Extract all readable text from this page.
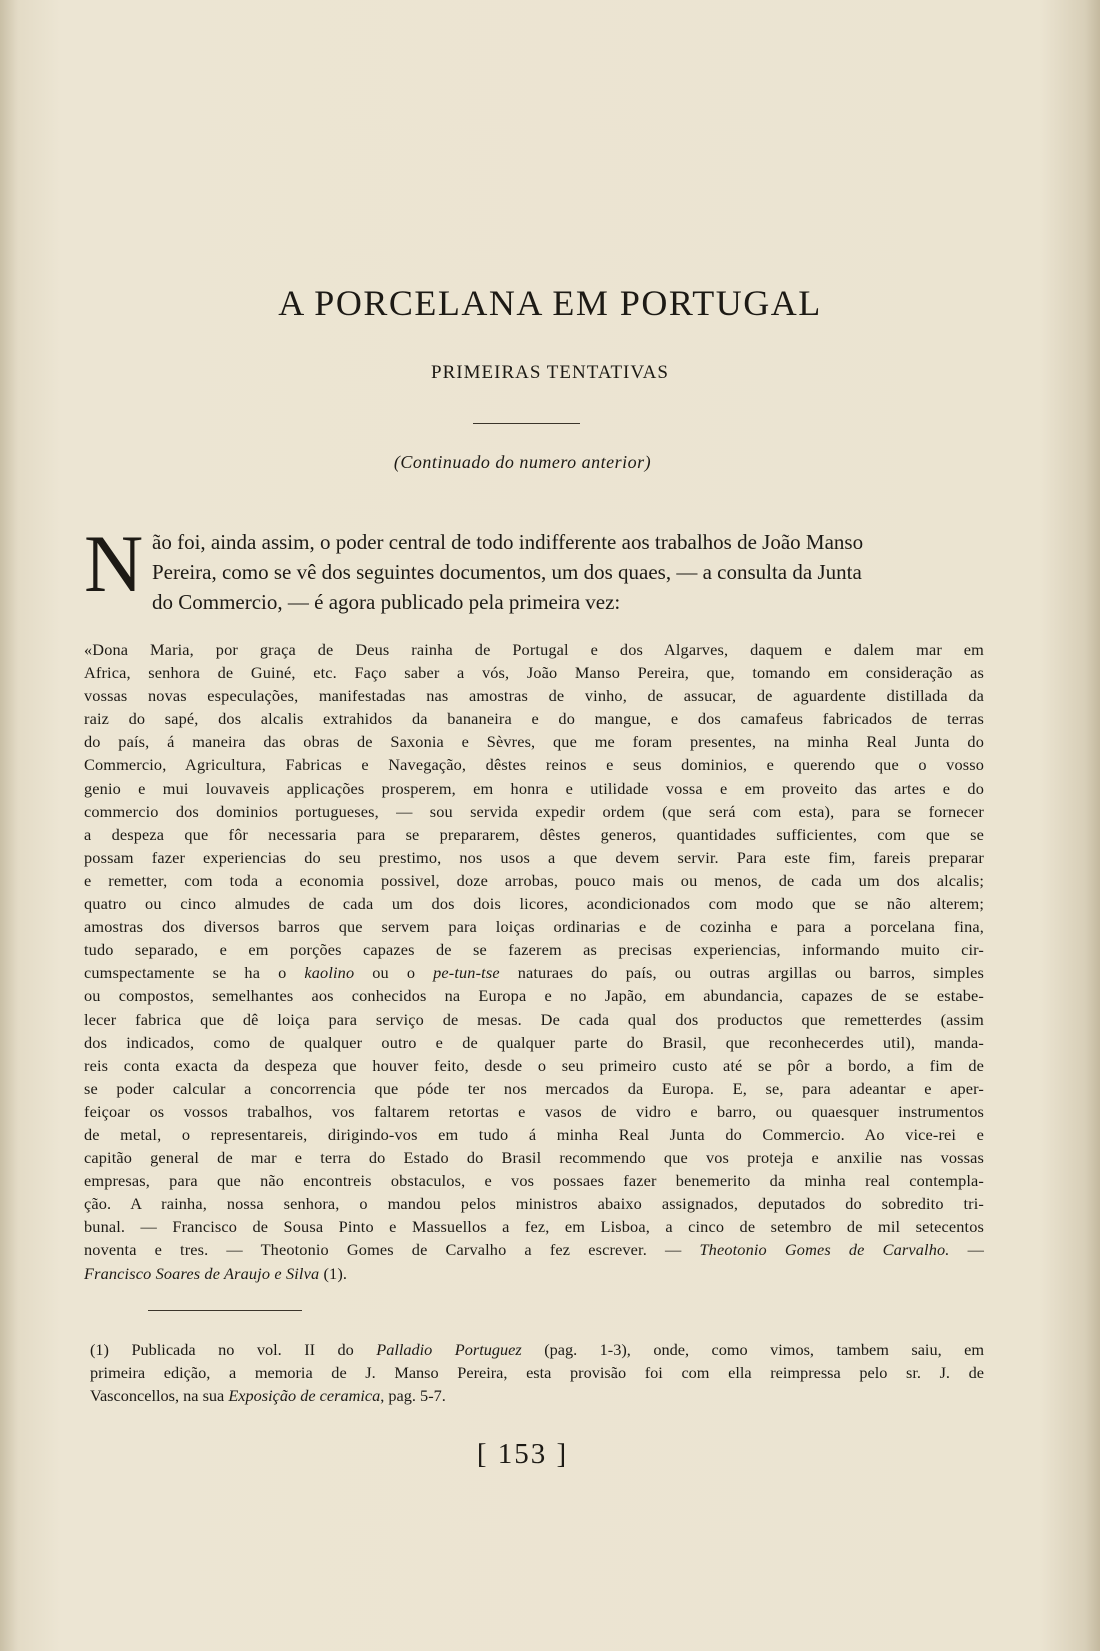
A PORCELANA EM PORTUGAL
PRIMEIRAS TENTATIVAS
(Continuado do numero anterior)
N ão foi, ainda assim, o poder central de todo indifferente aos trabalhos de João Manso
Pereira, como se vê dos seguintes documentos, um dos quaes, — a consulta da Junta
do Commercio, — é agora publicado pela primeira vez:
«Dona Maria, por graça de Deus rainha de Portugal e dos Algarves, daquem e dalem mar em
Africa, senhora de Guiné, etc. Faço saber a vós, João Manso Pereira, que, tomando em consideração as
vossas novas especulações, manifestadas nas amostras de vinho, de assucar, de aguardente distillada da
raiz do sapé, dos alcalis extrahidos da bananeira e do mangue, e dos camafeus fabricados de terras
do país, á maneira das obras de Saxonia e Sèvres, que me foram presentes, na minha Real Junta do
Commercio, Agricultura, Fabricas e Navegação, dêstes reinos e seus dominios, e querendo que o vosso
genio e mui louvaveis applicações prosperem, em honra e utilidade vossa e em proveito das artes e do
commercio dos dominios portugueses, — sou servida expedir ordem (que será com esta), para se fornecer
a despeza que fôr necessaria para se prepararem, dêstes generos, quantidades sufficientes, com que se
possam fazer experiencias do seu prestimo, nos usos a que devem servir. Para este fim, fareis preparar
e remetter, com toda a economia possivel, doze arrobas, pouco mais ou menos, de cada um dos alcalis;
quatro ou cinco almudes de cada um dos dois licores, acondicionados com modo que se não alterem;
amostras dos diversos barros que servem para loiças ordinarias e de cozinha e para a porcelana fina,
tudo separado, e em porções capazes de se fazerem as precisas experiencias, informando muito cir-
cumspectamente se ha o kaolino ou o pe-tun-tse naturaes do país, ou outras argillas ou barros, simples
ou compostos, semelhantes aos conhecidos na Europa e no Japão, em abundancia, capazes de se estabe-
lecer fabrica que dê loiça para serviço de mesas. De cada qual dos productos que remetterdes (assim
dos indicados, como de qualquer outro e de qualquer parte do Brasil, que reconhecerdes util), manda-
reis conta exacta da despeza que houver feito, desde o seu primeiro custo até se pôr a bordo, a fim de
se poder calcular a concorrencia que póde ter nos mercados da Europa. E, se, para adeantar e aper-
feiçoar os vossos trabalhos, vos faltarem retortas e vasos de vidro e barro, ou quaesquer instrumentos
de metal, o representareis, dirigindo-vos em tudo á minha Real Junta do Commercio. Ao vice-rei e
capitão general de mar e terra do Estado do Brasil recommendo que vos proteja e anxilie nas vossas
empresas, para que não encontreis obstaculos, e vos possaes fazer benemerito da minha real contempla-
ção. A rainha, nossa senhora, o mandou pelos ministros abaixo assignados, deputados do sobredito tri-
bunal. — Francisco de Sousa Pinto e Massuellos a fez, em Lisboa, a cinco de setembro de mil setecentos
noventa e tres. — Theotonio Gomes de Carvalho a fez escrever. — Theotonio Gomes de Carvalho. —
Francisco Soares de Araujo e Silva (1).
(1) Publicada no vol. II do Palladio Portuguez (pag. 1-3), onde, como vimos, tambem saiu, em
primeira edição, a memoria de J. Manso Pereira, esta provisão foi com ella reimpressa pelo sr. J. de
Vasconcellos, na sua Exposição de ceramica, pag. 5-7.
[ 153 ]
